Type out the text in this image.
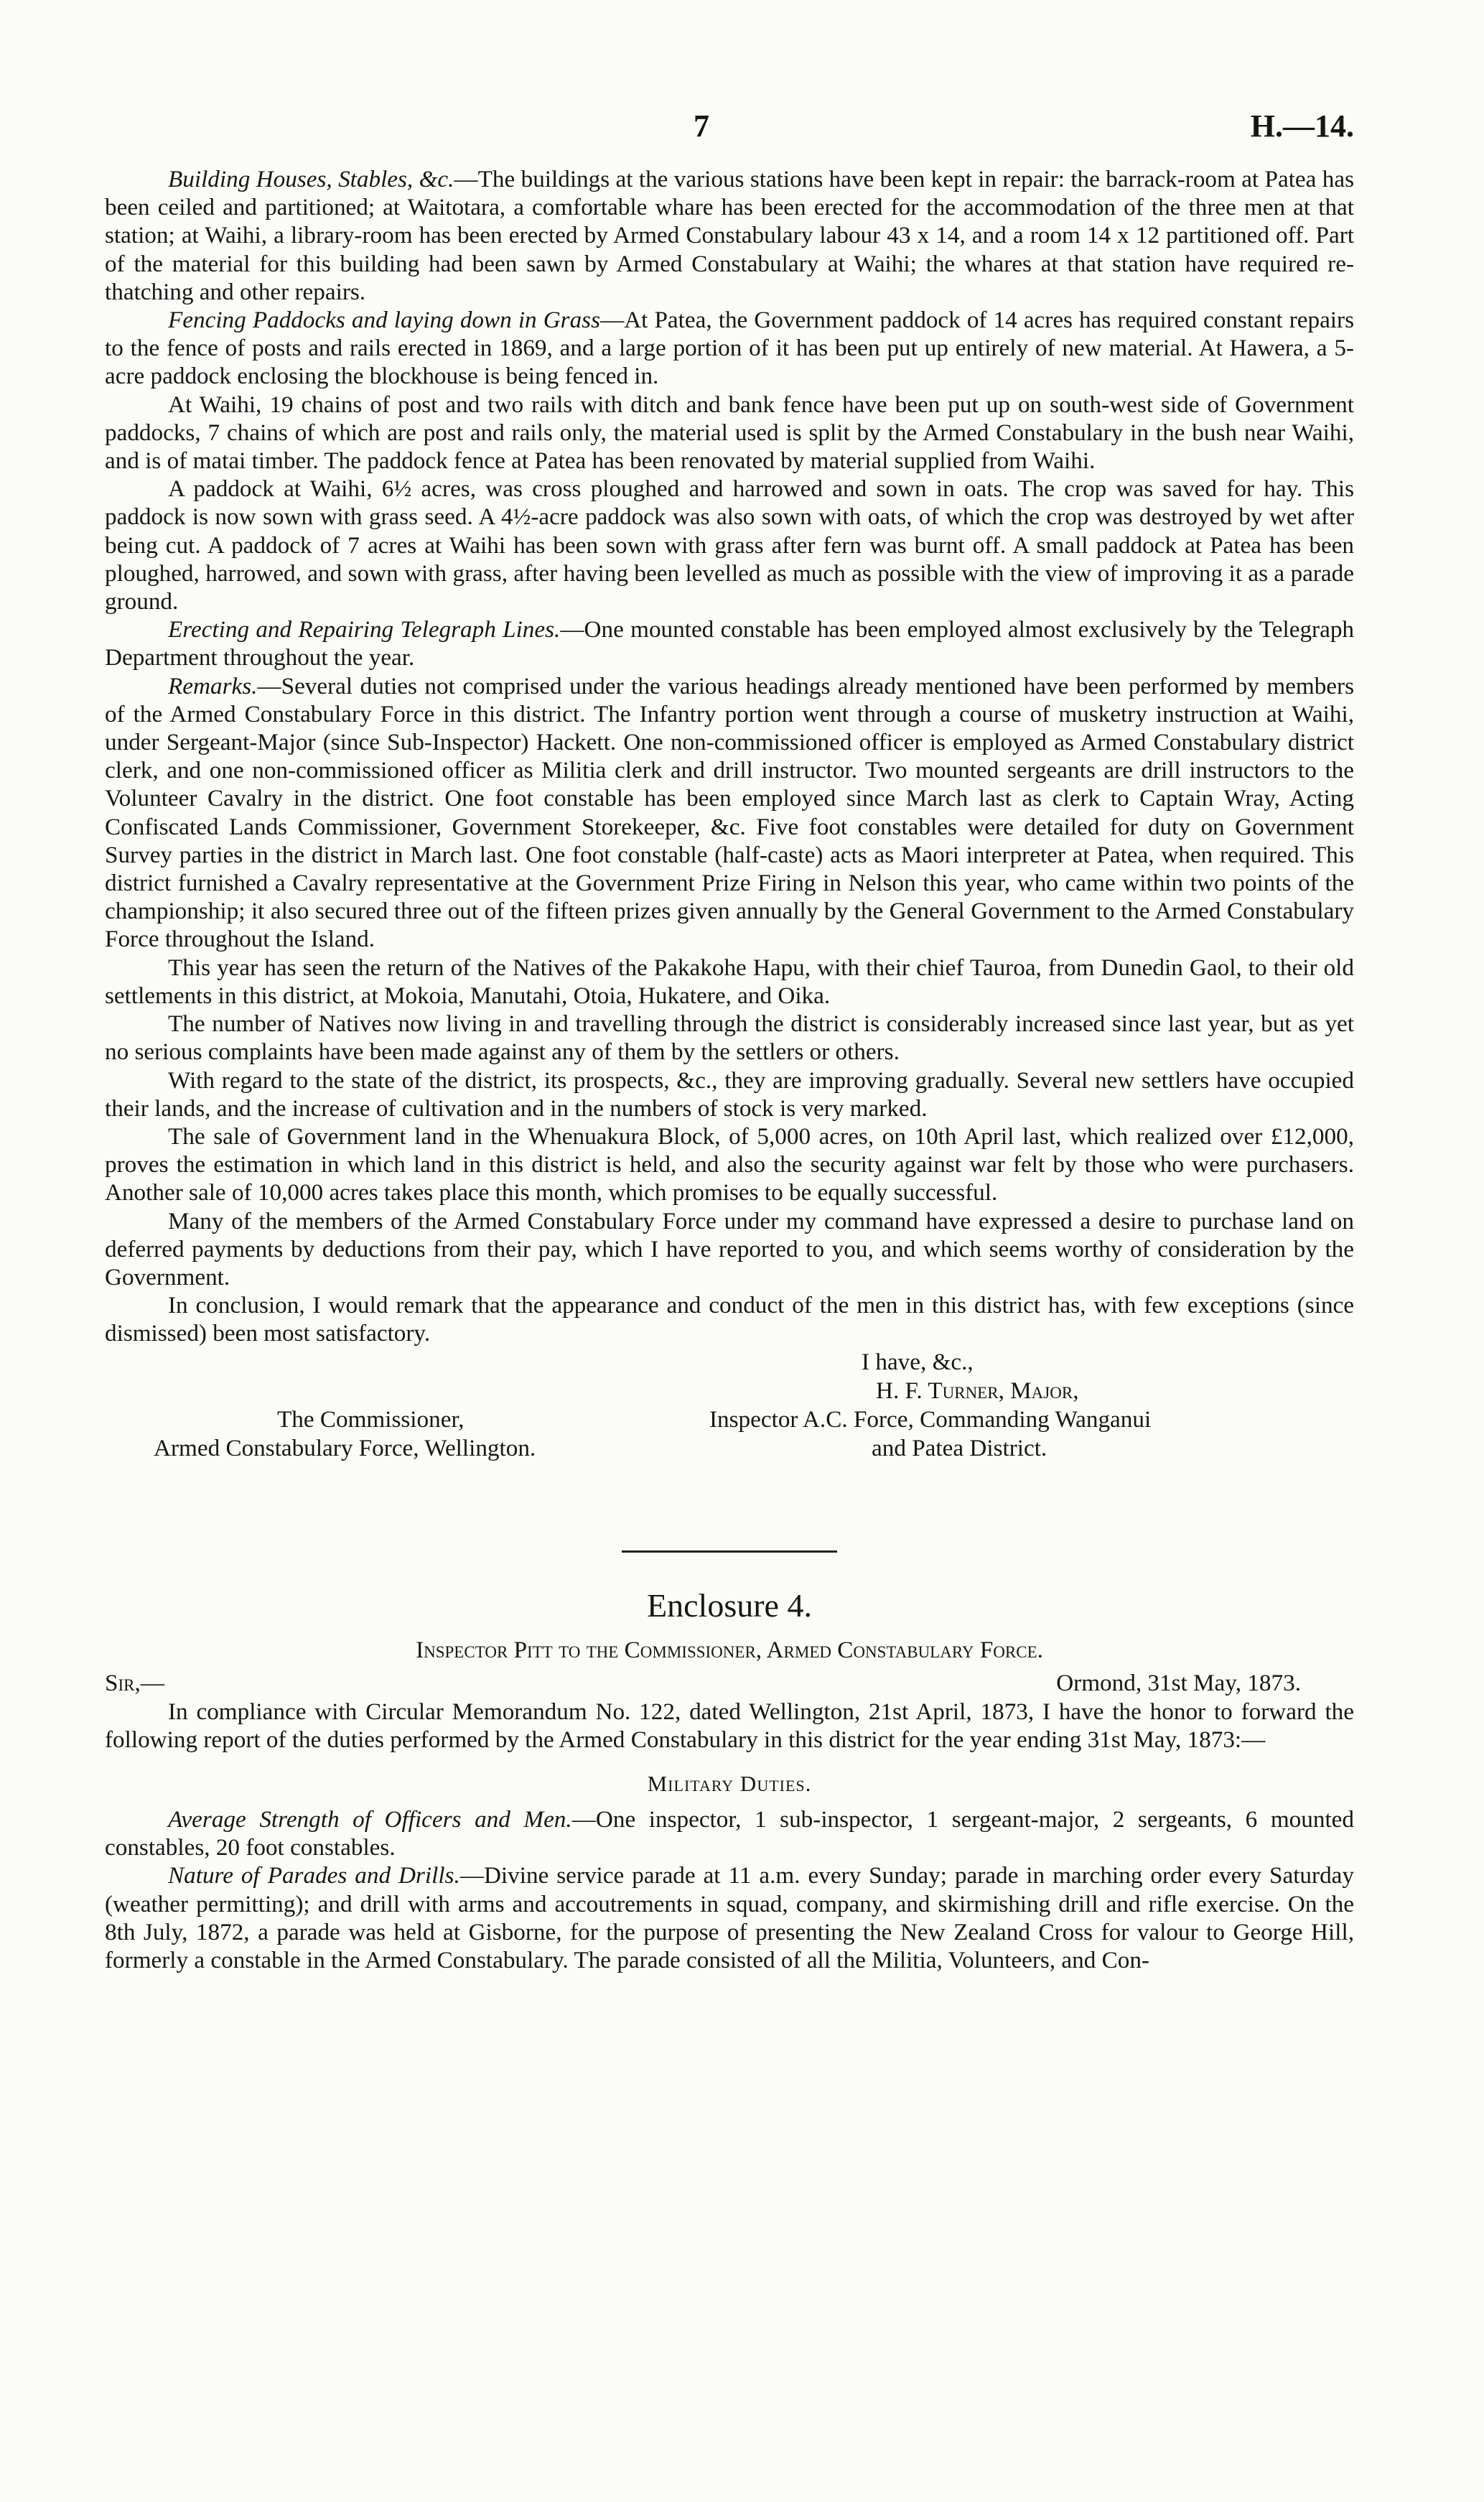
7	H.—14.

Building Houses, Stables, &c.—The buildings at the various stations have been kept in repair: the barrack-room at Patea has been ceiled and partitioned; at Waitotara, a comfortable whare has been erected for the accommodation of the three men at that station; at Waihi, a library-room has been erected by Armed Constabulary labour 43 x 14, and a room 14 x 12 partitioned off. Part of the material for this building had been sawn by Armed Constabulary at Waihi; the whares at that station have required re-thatching and other repairs.

Fencing Paddocks and laying down in Grass—At Patea, the Government paddock of 14 acres has required constant repairs to the fence of posts and rails erected in 1869, and a large portion of it has been put up entirely of new material. At Hawera, a 5-acre paddock enclosing the blockhouse is being fenced in.

At Waihi, 19 chains of post and two rails with ditch and bank fence have been put up on south-west side of Government paddocks, 7 chains of which are post and rails only, the material used is split by the Armed Constabulary in the bush near Waihi, and is of matai timber. The paddock fence at Patea has been renovated by material supplied from Waihi.

A paddock at Waihi, 6½ acres, was cross ploughed and harrowed and sown in oats. The crop was saved for hay. This paddock is now sown with grass seed. A 4½-acre paddock was also sown with oats, of which the crop was destroyed by wet after being cut. A paddock of 7 acres at Waihi has been sown with grass after fern was burnt off. A small paddock at Patea has been ploughed, harrowed, and sown with grass, after having been levelled as much as possible with the view of improving it as a parade ground.

Erecting and Repairing Telegraph Lines.—One mounted constable has been employed almost exclusively by the Telegraph Department throughout the year.

Remarks.—Several duties not comprised under the various headings already mentioned have been performed by members of the Armed Constabulary Force in this district. The Infantry portion went through a course of musketry instruction at Waihi, under Sergeant-Major (since Sub-Inspector) Hackett. One non-commissioned officer is employed as Armed Constabulary district clerk, and one non-commissioned officer as Militia clerk and drill instructor. Two mounted sergeants are drill instructors to the Volunteer Cavalry in the district. One foot constable has been employed since March last as clerk to Captain Wray, Acting Confiscated Lands Commissioner, Government Storekeeper, &c. Five foot constables were detailed for duty on Government Survey parties in the district in March last. One foot constable (half-caste) acts as Maori interpreter at Patea, when required. This district furnished a Cavalry representative at the Government Prize Firing in Nelson this year, who came within two points of the championship; it also secured three out of the fifteen prizes given annually by the General Government to the Armed Constabulary Force throughout the Island.

This year has seen the return of the Natives of the Pakakohe Hapu, with their chief Tauroa, from Dunedin Gaol, to their old settlements in this district, at Mokoia, Manutahi, Otoia, Hukatere, and Oika.

The number of Natives now living in and travelling through the district is considerably increased since last year, but as yet no serious complaints have been made against any of them by the settlers or others.

With regard to the state of the district, its prospects, &c., they are improving gradually. Several new settlers have occupied their lands, and the increase of cultivation and in the numbers of stock is very marked.

The sale of Government land in the Whenuakura Block, of 5,000 acres, on 10th April last, which realized over £12,000, proves the estimation in which land in this district is held, and also the security against war felt by those who were purchasers. Another sale of 10,000 acres takes place this month, which promises to be equally successful.

Many of the members of the Armed Constabulary Force under my command have expressed a desire to purchase land on deferred payments by deductions from their pay, which I have reported to you, and which seems worthy of consideration by the Government.

In conclusion, I would remark that the appearance and conduct of the men in this district has, with few exceptions (since dismissed) been most satisfactory.

I have, &c.,
H. F. Turner, Major,
The Commissioner,	Inspector A.C. Force, Commanding Wanganui
Armed Constabulary Force, Wellington.	and Patea District.
Enclosure 4.
Inspector Pitt to the Commissioner, Armed Constabulary Force.
Sir,—	Ormond, 31st May, 1873.

In compliance with Circular Memorandum No. 122, dated Wellington, 21st April, 1873, I have the honor to forward the following report of the duties performed by the Armed Constabulary in this district for the year ending 31st May, 1873:—

Military Duties.

Average Strength of Officers and Men.—One inspector, 1 sub-inspector, 1 sergeant-major, 2 sergeants, 6 mounted constables, 20 foot constables.

Nature of Parades and Drills.—Divine service parade at 11 a.m. every Sunday; parade in marching order every Saturday (weather permitting); and drill with arms and accoutrements in squad, company, and skirmishing drill and rifle exercise. On the 8th July, 1872, a parade was held at Gisborne, for the purpose of presenting the New Zealand Cross for valour to George Hill, formerly a constable in the Armed Constabulary. The parade consisted of all the Militia, Volunteers, and Con-
